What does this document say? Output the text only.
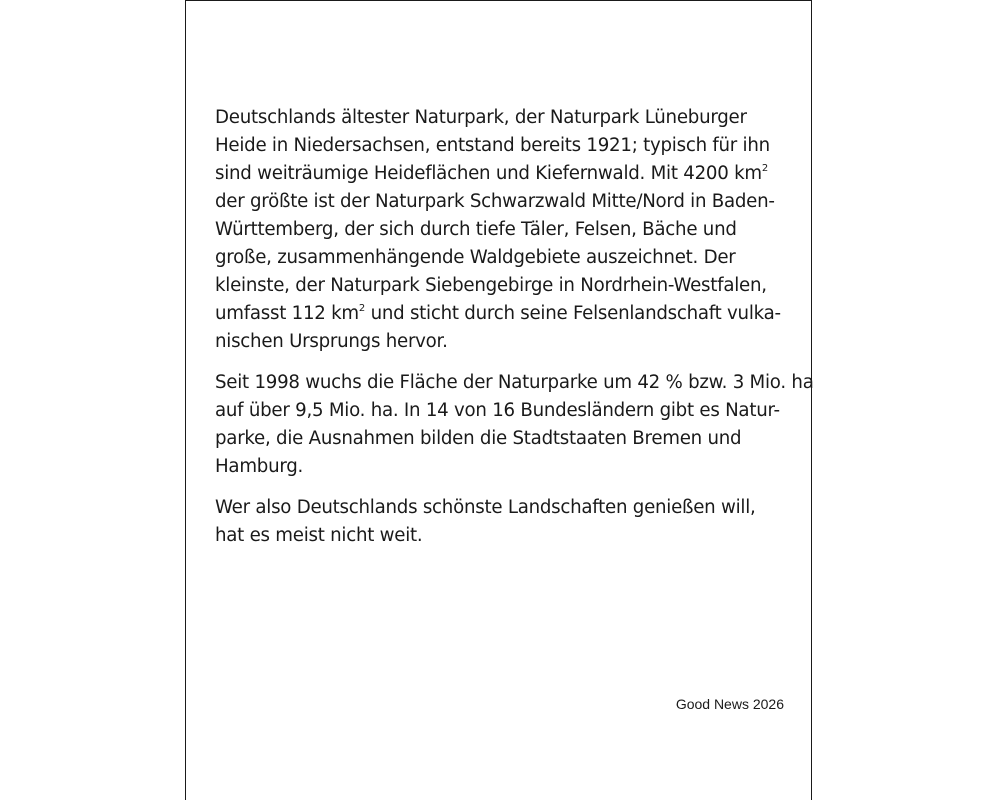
Deutschlands ältester Naturpark, der Naturpark Lüneburger
Heide in Niedersachsen, entstand bereits 1921; typisch für ihn
sind weiträumige Heideflächen und Kiefernwald. Mit 4200 $km^2$
der größte ist der Naturpark Schwarzwald Mitte/Nord in Baden-
Württemberg, der sich durch tiefe Täler, Felsen, Bäche und
große, zusammenhängende Waldgebiete auszeichnet. Der
kleinste, der Naturpark Siebengebirge in Nordrhein-Westfalen,
umfasst 112 $km^2$ und sticht durch seine Felsenlandschaft vulka-
nischen Ursprungs hervor.

Seit 1998 wuchs die Fläche der Naturparke um 42 % bzw. 3 Mio. ha
auf über 9,5 Mio. ha. In 14 von 16 Bundesländern gibt es Natur-
parke, die Ausnahmen bilden die Stadtstaaten Bremen und
Hamburg.

Wer also Deutschlands schönste Landschaften genießen will,
hat es meist nicht weit.

Good News 2026
